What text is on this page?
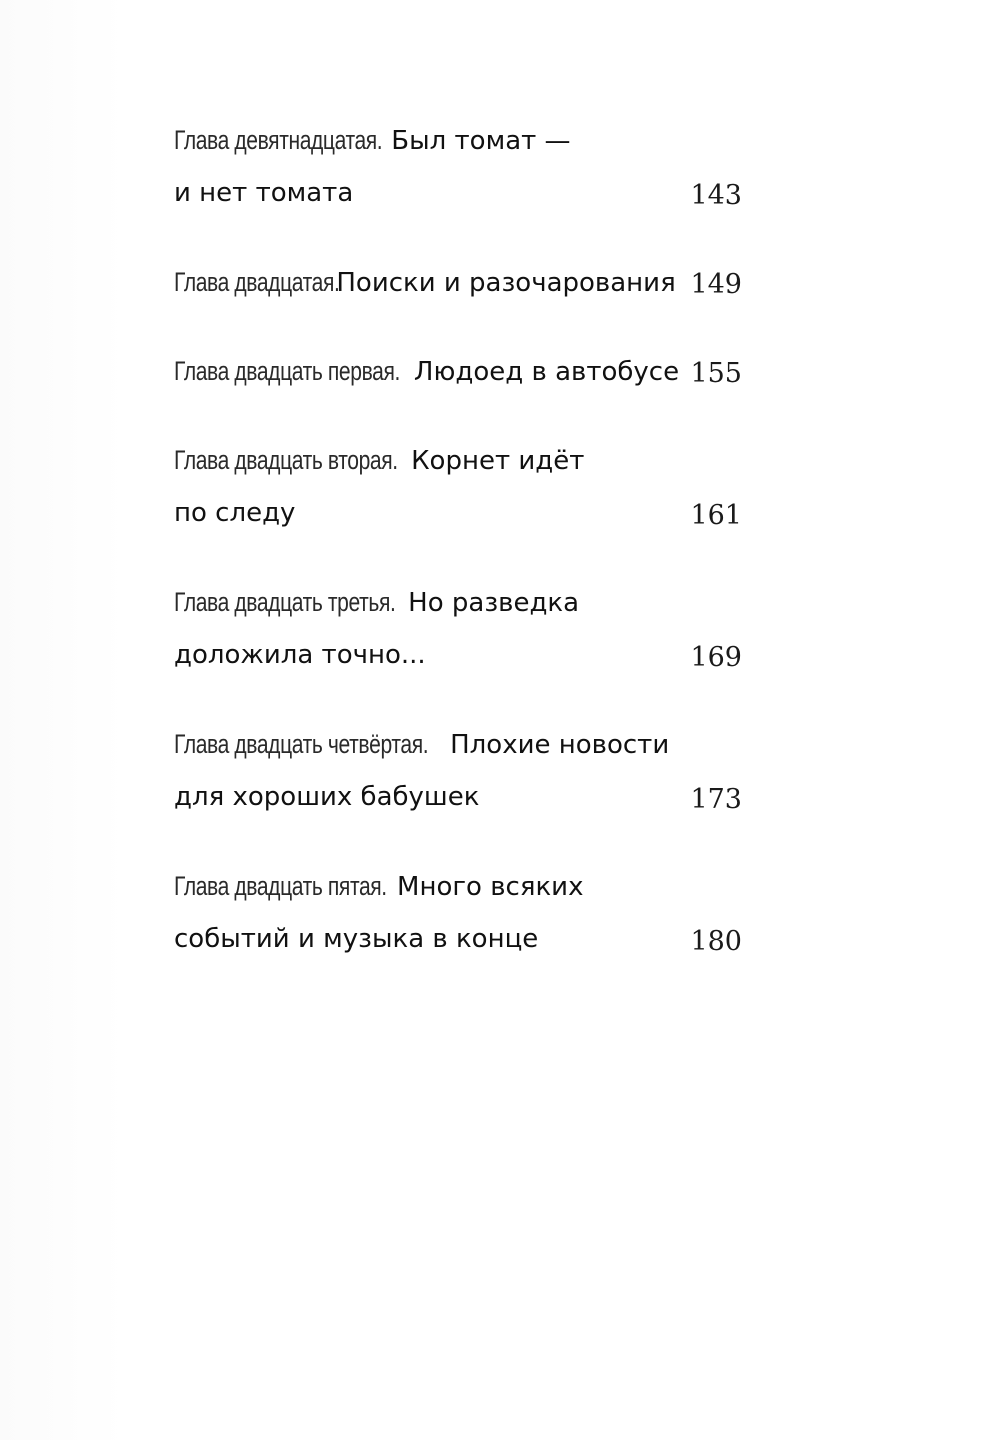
Глава девятнадцатая. Был томат —
и нет томата	143
Глава двадцатая. Поиски и разочарования 149
Глава двадцать первая. Людоед в автобусе 155
Глава двадцать вторая. Корнет идёт
по следу	161
Глава двадцать третья. Но разведка
доложила точно...	169
Глава двадцать четвёртая. Плохие новости
для хороших бабушек	173
Глава двадцать пятая. Много всяких
событий и музыка в конце	180
